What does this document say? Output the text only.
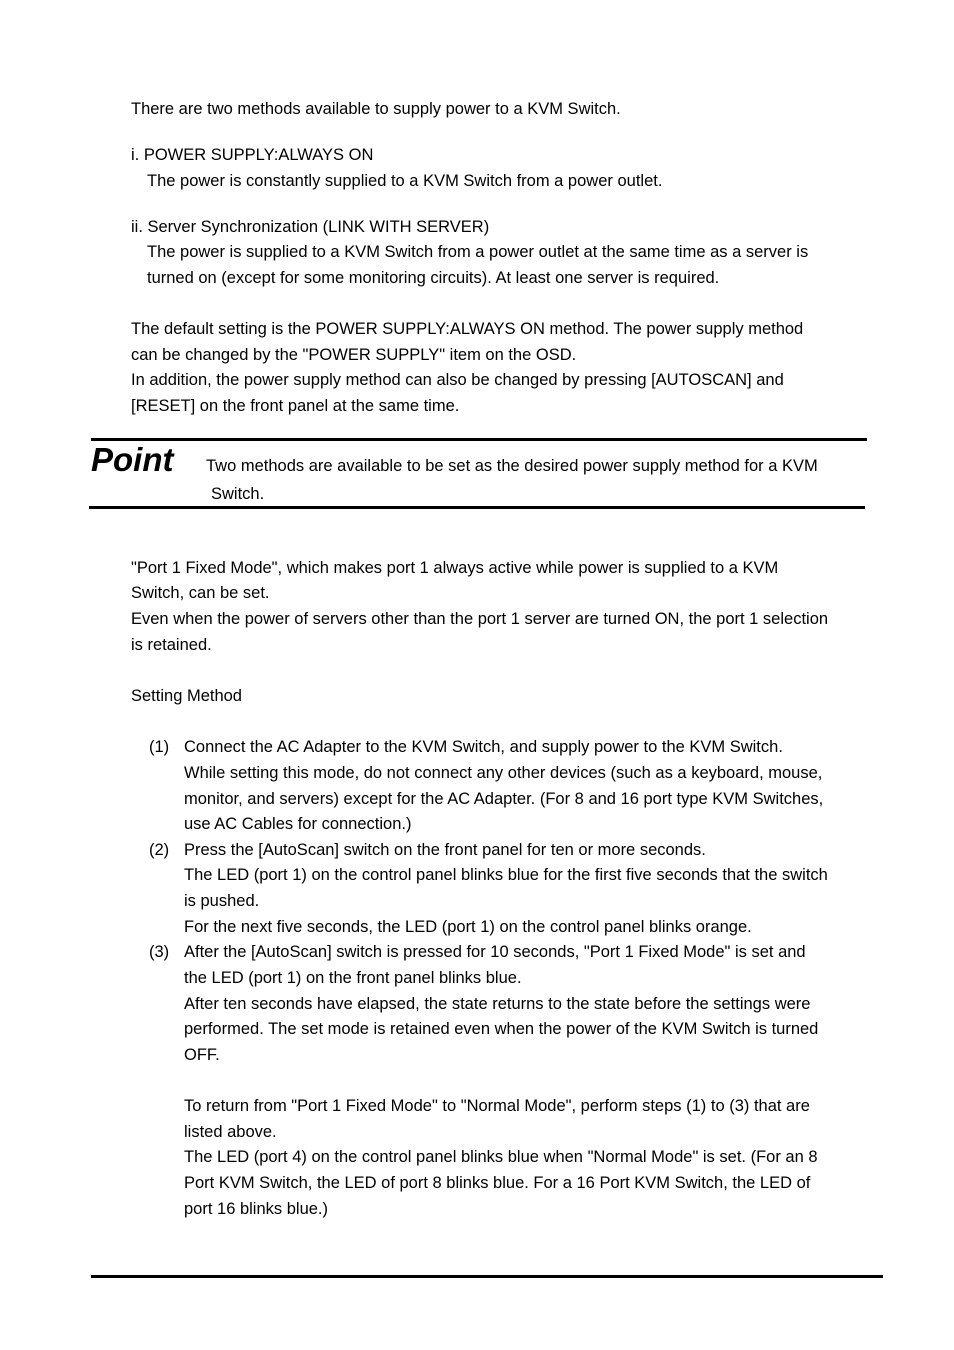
There are two methods available to supply power to a KVM Switch.
i. POWER SUPPLY:ALWAYS ON
The power is constantly supplied to a KVM Switch from a power outlet.
ii. Server Synchronization (LINK WITH SERVER)
The power is supplied to a KVM Switch from a power outlet at the same time as a server is
turned on (except for some monitoring circuits). At least one server is required.
The default setting is the POWER SUPPLY:ALWAYS ON method. The power supply method
can be changed by the "POWER SUPPLY" item on the OSD.
In addition, the power supply method can also be changed by pressing [AUTOSCAN] and
[RESET] on the front panel at the same time.
Point Two methods are available to be set as the desired power supply method for a KVM
Switch.
"Port 1 Fixed Mode", which makes port 1 always active while power is supplied to a KVM
Switch, can be set.
Even when the power of servers other than the port 1 server are turned ON, the port 1 selection
is retained.
Setting Method
(1) Connect the AC Adapter to the KVM Switch, and supply power to the KVM Switch.
While setting this mode, do not connect any other devices (such as a keyboard, mouse,
monitor, and servers) except for the AC Adapter. (For 8 and 16 port type KVM Switches,
use AC Cables for connection.)
(2) Press the [AutoScan] switch on the front panel for ten or more seconds.
The LED (port 1) on the control panel blinks blue for the first five seconds that the switch
is pushed.
For the next five seconds, the LED (port 1) on the control panel blinks orange.
(3) After the [AutoScan] switch is pressed for 10 seconds, "Port 1 Fixed Mode" is set and
the LED (port 1) on the front panel blinks blue.
After ten seconds have elapsed, the state returns to the state before the settings were
performed. The set mode is retained even when the power of the KVM Switch is turned
OFF.
To return from "Port 1 Fixed Mode" to "Normal Mode", perform steps (1) to (3) that are
listed above.
The LED (port 4) on the control panel blinks blue when "Normal Mode" is set. (For an 8
Port KVM Switch, the LED of port 8 blinks blue. For a 16 Port KVM Switch, the LED of
port 16 blinks blue.)
